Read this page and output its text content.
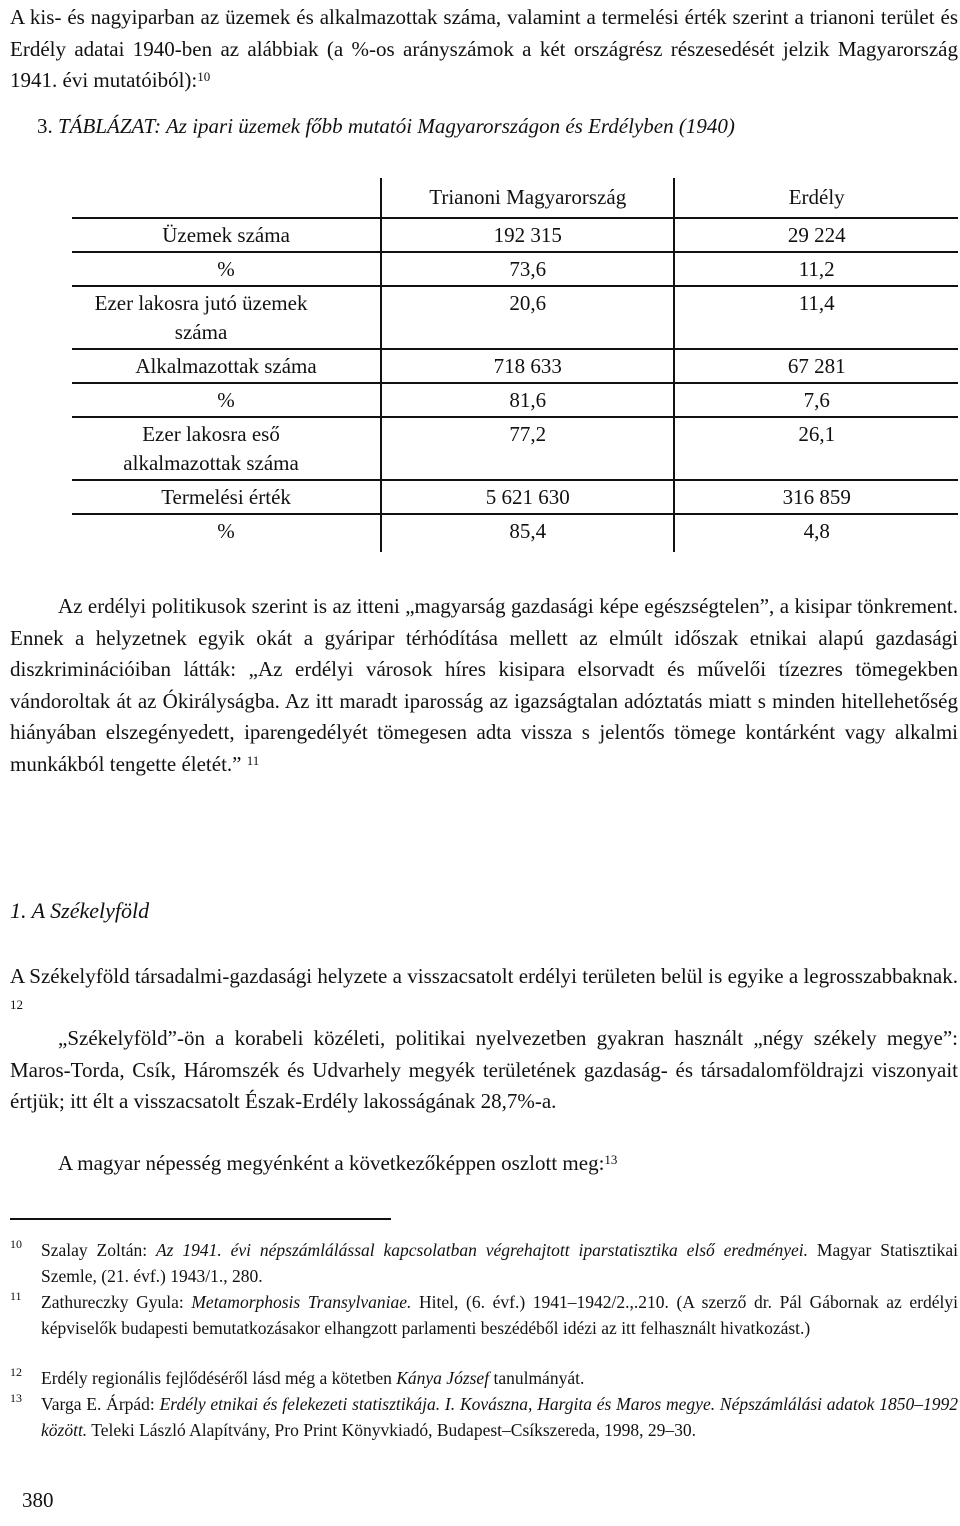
A kis- és nagyiparban az üzemek és alkalmazottak száma, valamint a termelési érték szerint a trianoni terület és Erdély adatai 1940-ben az alábbiak (a %-os arányszámok a két országrész részesedését jelzik Magyarország 1941. évi mutatóiból):$^{10}$
3. TÁBLÁZAT: Az ipari üzemek főbb mutatói Magyarországon és Erdélyben (1940)
	Trianoni Magyarország	Erdély
Üzemek száma	192 315	29 224
%	73,6	11,2
Ezer lakosra jutó üzemek száma	20,6	11,4
Alkalmazottak száma	718 633	67 281
%	81,6	7,6
Ezer lakosra eső alkalmazottak száma	77,2	26,1
Termelési érték	5 621 630	316 859
%	85,4	4,8
Az erdélyi politikusok szerint is az itteni „magyarság gazdasági képe egészségtelen”, a kisipar tönkrement. Ennek a helyzetnek egyik okát a gyáripar térhódítása mellett az elmúlt időszak etnikai alapú gazdasági diszkriminációiban látták: „Az erdélyi városok híres kisipara elsorvadt és művelői tízezres tömegekben vándoroltak át az Ókirályságba. Az itt maradt iparosság az igazságtalan adóztatás miatt s minden hitellehetőség hiányában elszegényedett, iparengedélyét tömegesen adta vissza s jelentős tömege kontárként vagy alkalmi munkákból tengette életét.” $^{11}$
1. A Székelyföld
A Székelyföld társadalmi-gazdasági helyzete a visszacsatolt erdélyi területen belül is egyike a legrosszabbaknak. $^{12}$
„Székelyföld”-ön a korabeli közéleti, politikai nyelvezetben gyakran használt „négy székely megye”: Maros-Torda, Csík, Háromszék és Udvarhely megyék területének gazdaság- és társadalomföldrajzi viszonyait értjük; itt élt a visszacsatolt Észak-Erdély lakosságának 28,7%-a.
A magyar népesség megyénként a következőképpen oszlott meg:$^{13}$
10 Szalay Zoltán: Az 1941. évi népszámlálással kapcsolatban végrehajtott iparstatisztika első eredményei. Magyar Statisztikai Szemle, (21. évf.) 1943/1., 280.
11 Zathureczky Gyula: Metamorphosis Transylvaniae. Hitel, (6. évf.) 1941–1942/2.,.210. (A szerző dr. Pál Gábornak az erdélyi képviselők budapesti bemutatkozásakor elhangzott parlamenti beszédéből idézi az itt felhasznált hivatkozást.)
12 Erdély regionális fejlődéséről lásd még a kötetben Kánya József tanulmányát.
13 Varga E. Árpád: Erdély etnikai és felekezeti statisztikája. I. Kovászna, Hargita és Maros megye. Népszámlálási adatok 1850–1992 között. Teleki László Alapítvány, Pro Print Könyvkiadó, Budapest–Csíkszereda, 1998, 29–30.
380
